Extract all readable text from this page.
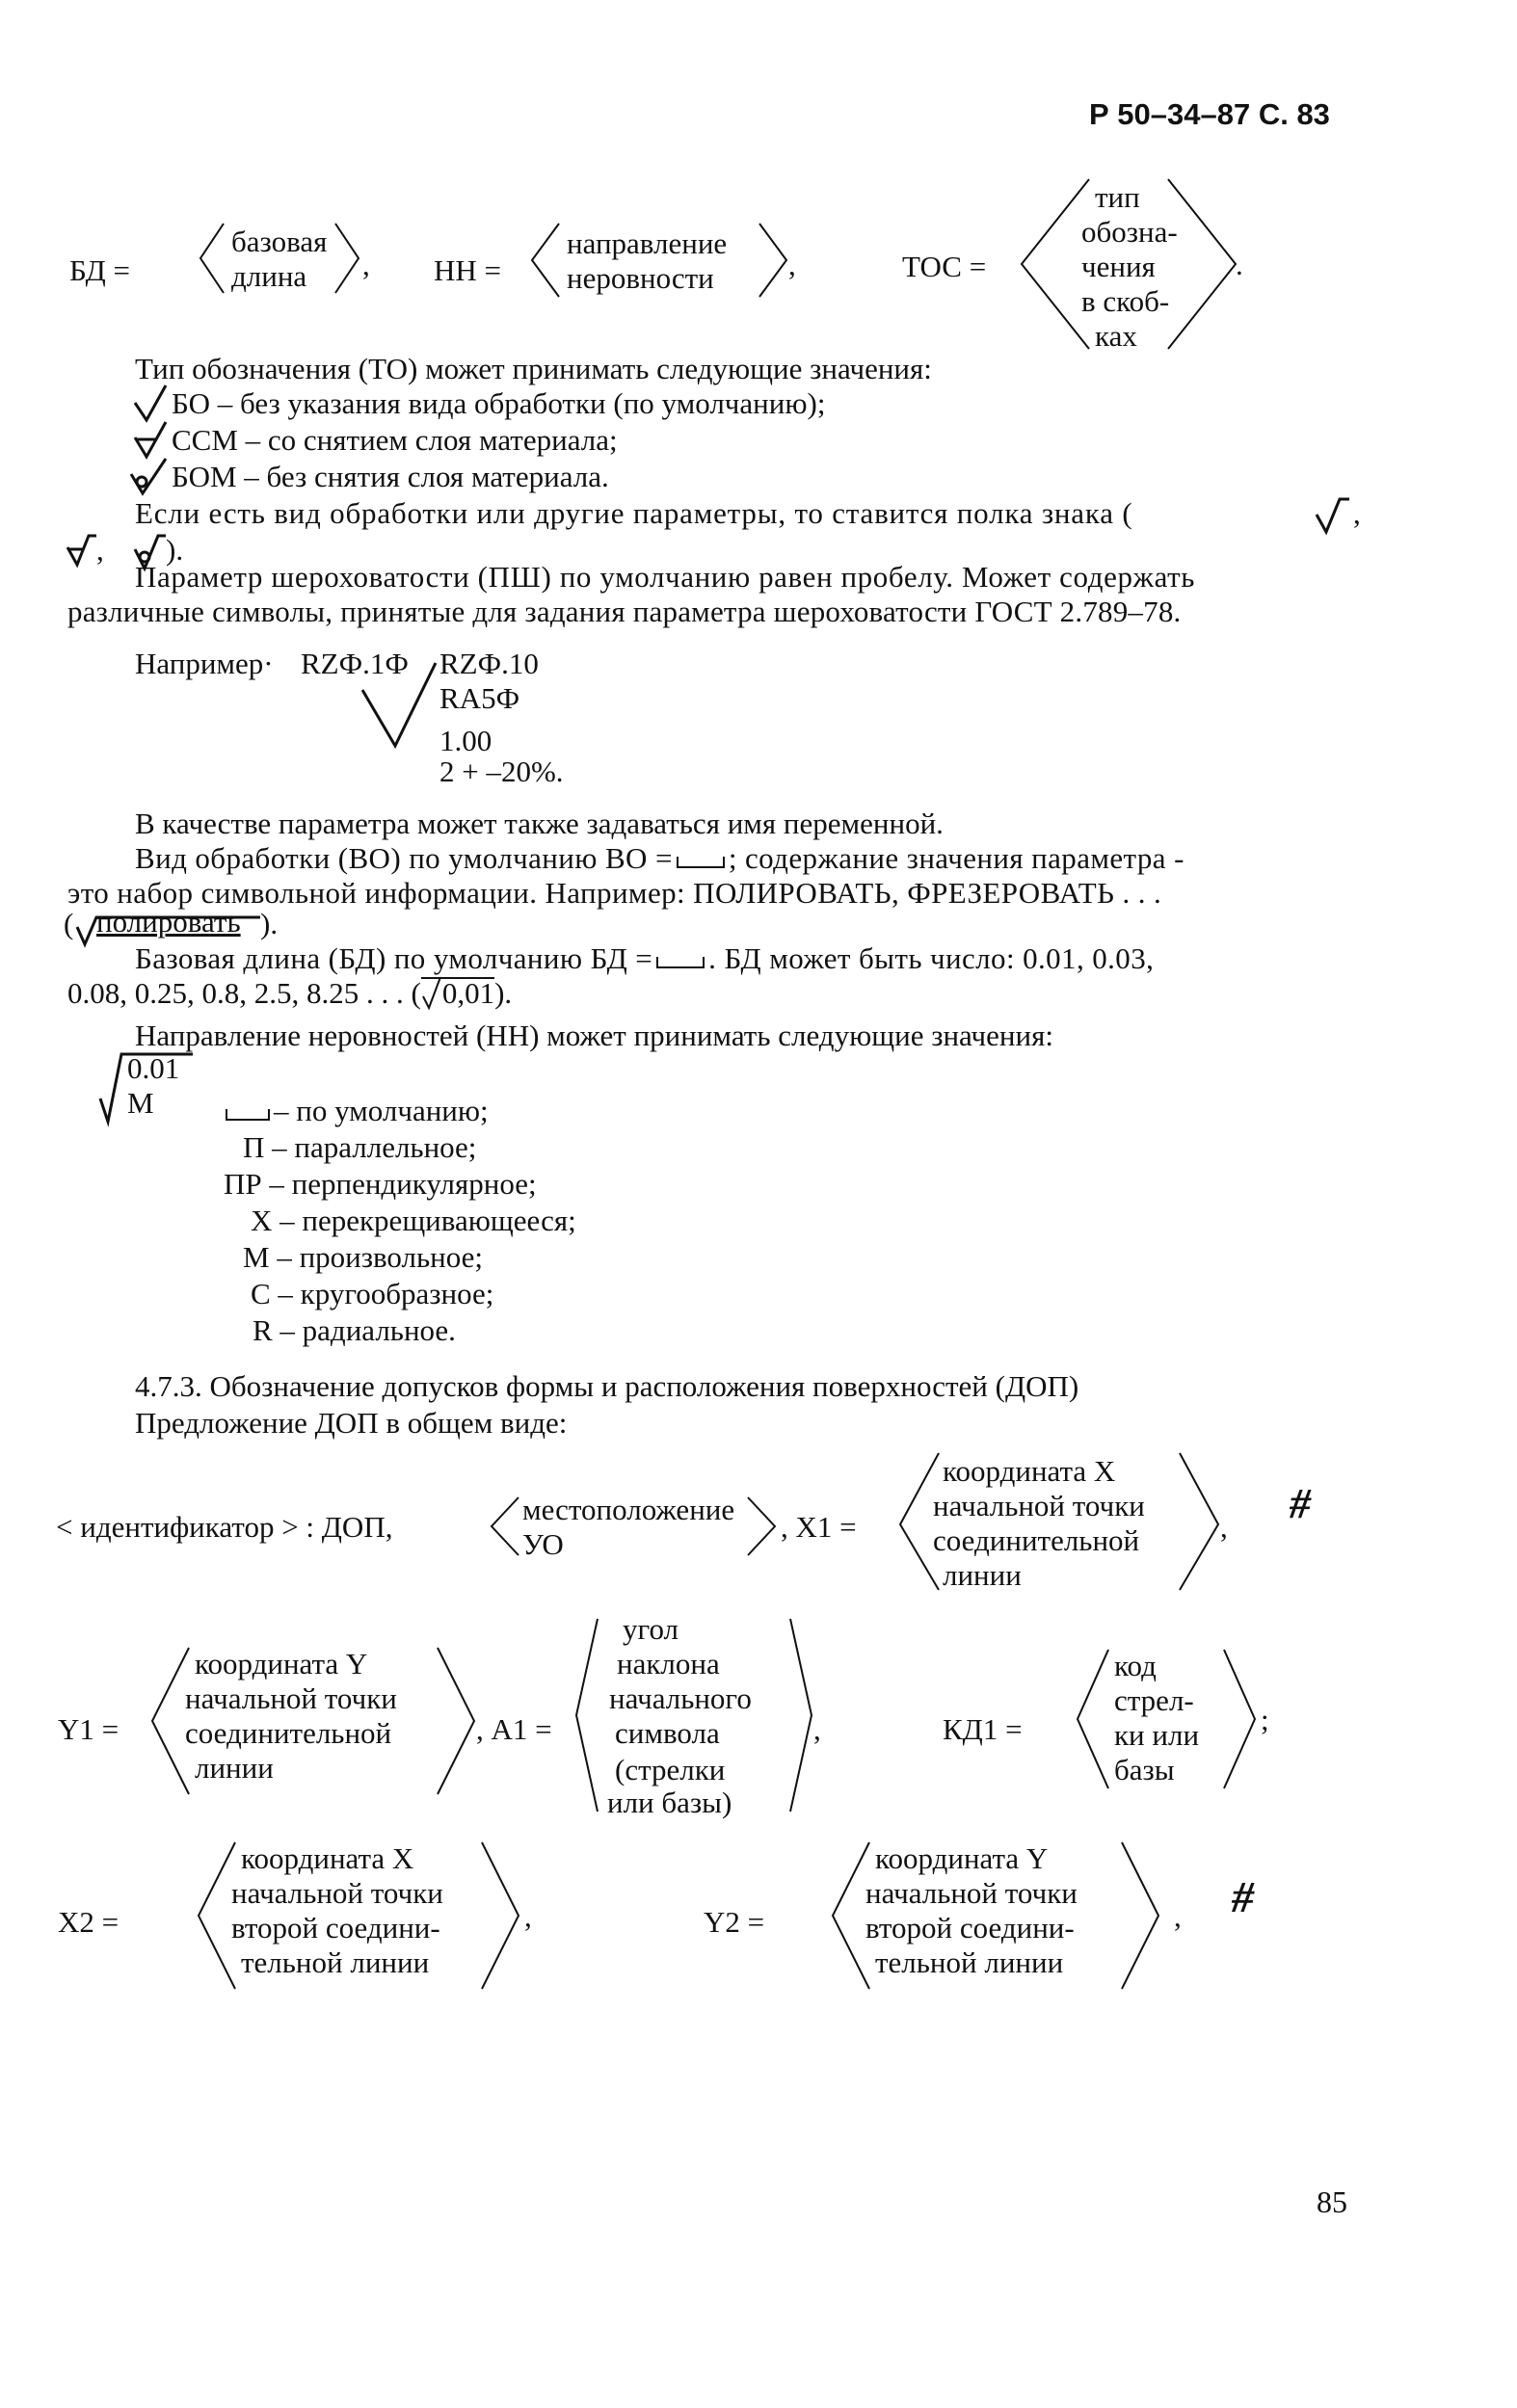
Р 50–34–87 С. 83
БД =
базовая
длина , НН =
направление
неровности ,	ТОС =
тип
обозна-
чения
в скоб-
ках
.
Тип обозначения (ТО) может принимать следующие значения:
БО – без указания вида обработки (по умолчанию);
ССМ – со снятием слоя материала;
БОМ – без снятия слоя материала.
Если есть вид обработки или другие параметры, то ставится полка знака (	,
, ).
Параметр шероховатости (ПШ) по умолчанию равен пробелу. Может содержать
различные символы, принятые для задания параметра шероховатости ГОСТ 2.789–78.
Например· RZФ.1Ф RZФ.10
RA5Ф
1.00
2 + –20%.
В качестве параметра может также задаваться имя переменной.
Вид обработки (ВО) по умолчанию ВО = ; содержание значения параметра -
это набор символьной информации. Например: ПОЛИРОВАТЬ, ФРЕЗЕРОВАТЬ . . .
( полировать ).
Базовая длина (БД) по умолчанию БД = . БД может быть число: 0.01, 0.03,
0.08, 0.25, 0.8, 2.5, 8.25 . . . ( 0,01).
Направление неровностей (НН) может принимать следующие значения:
0.01
М	– по умолчанию;
П – параллельное;
ПР – перпендикулярное;
Х – перекрещивающееся;
М – произвольное;
С – кругообразное;
R – радиальное.
4.7.3. Обозначение допусков формы и расположения поверхностей (ДОП)
Предложение ДОП в общем виде:
< идентификатор > : ДОП,
местоположение
УО
, Х1 =
координата Х
начальной точки
соединительной
линии
, #
Y1 =
координата Y
начальной точки
соединительной
линии
, А1 =
угол
наклона
начального
символа
(стрелки
или базы)
,	КД1 =
код
стрел-
ки или
базы
;
Х2 =
координата Х
начальной точки
второй соедини-
тельной линии
,	Y2 =
координата Y
начальной точки
второй соедини-
тельной линии
, #
85
